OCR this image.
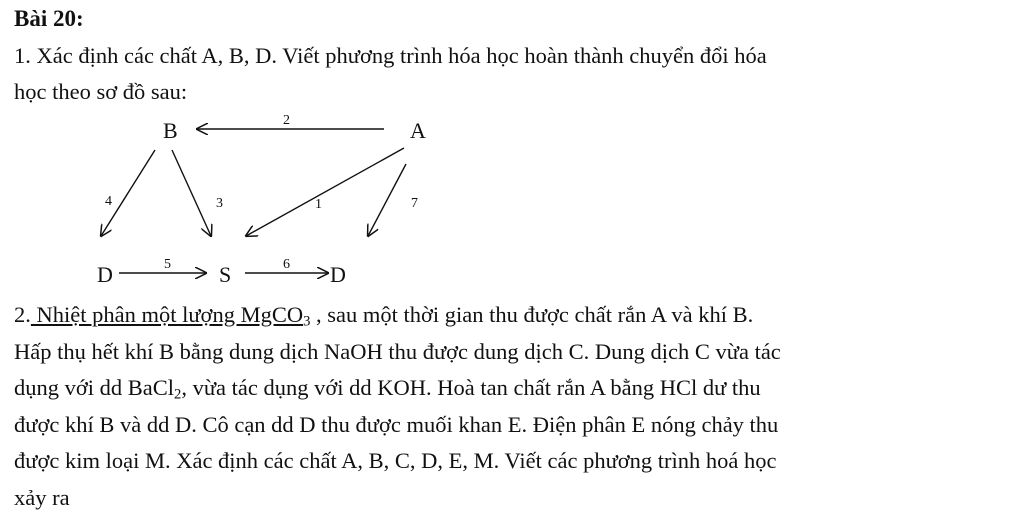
Bài 20:
1. Xác định các chất A, B, D. Viết phương trình hóa học hoàn thành chuyển đổi hóa
học theo sơ đồ sau:
B	A
D	S	D
2
4	3	1	7
5	6
2. Nhiệt phân một lượng MgCO$_3$ , sau một thời gian thu được chất rắn A và khí B.
Hấp thụ hết khí B bằng dung dịch NaOH thu được dung dịch C. Dung dịch C vừa tác
dụng với dd BaCl$_2$, vừa tác dụng với dd KOH. Hoà tan chất rắn A bằng HCl dư thu
được khí B và dd D. Cô cạn dd D thu được muối khan E. Điện phân E nóng chảy thu
được kim loại M. Xác định các chất A, B, C, D, E, M. Viết các phương trình hoá học
xảy ra
